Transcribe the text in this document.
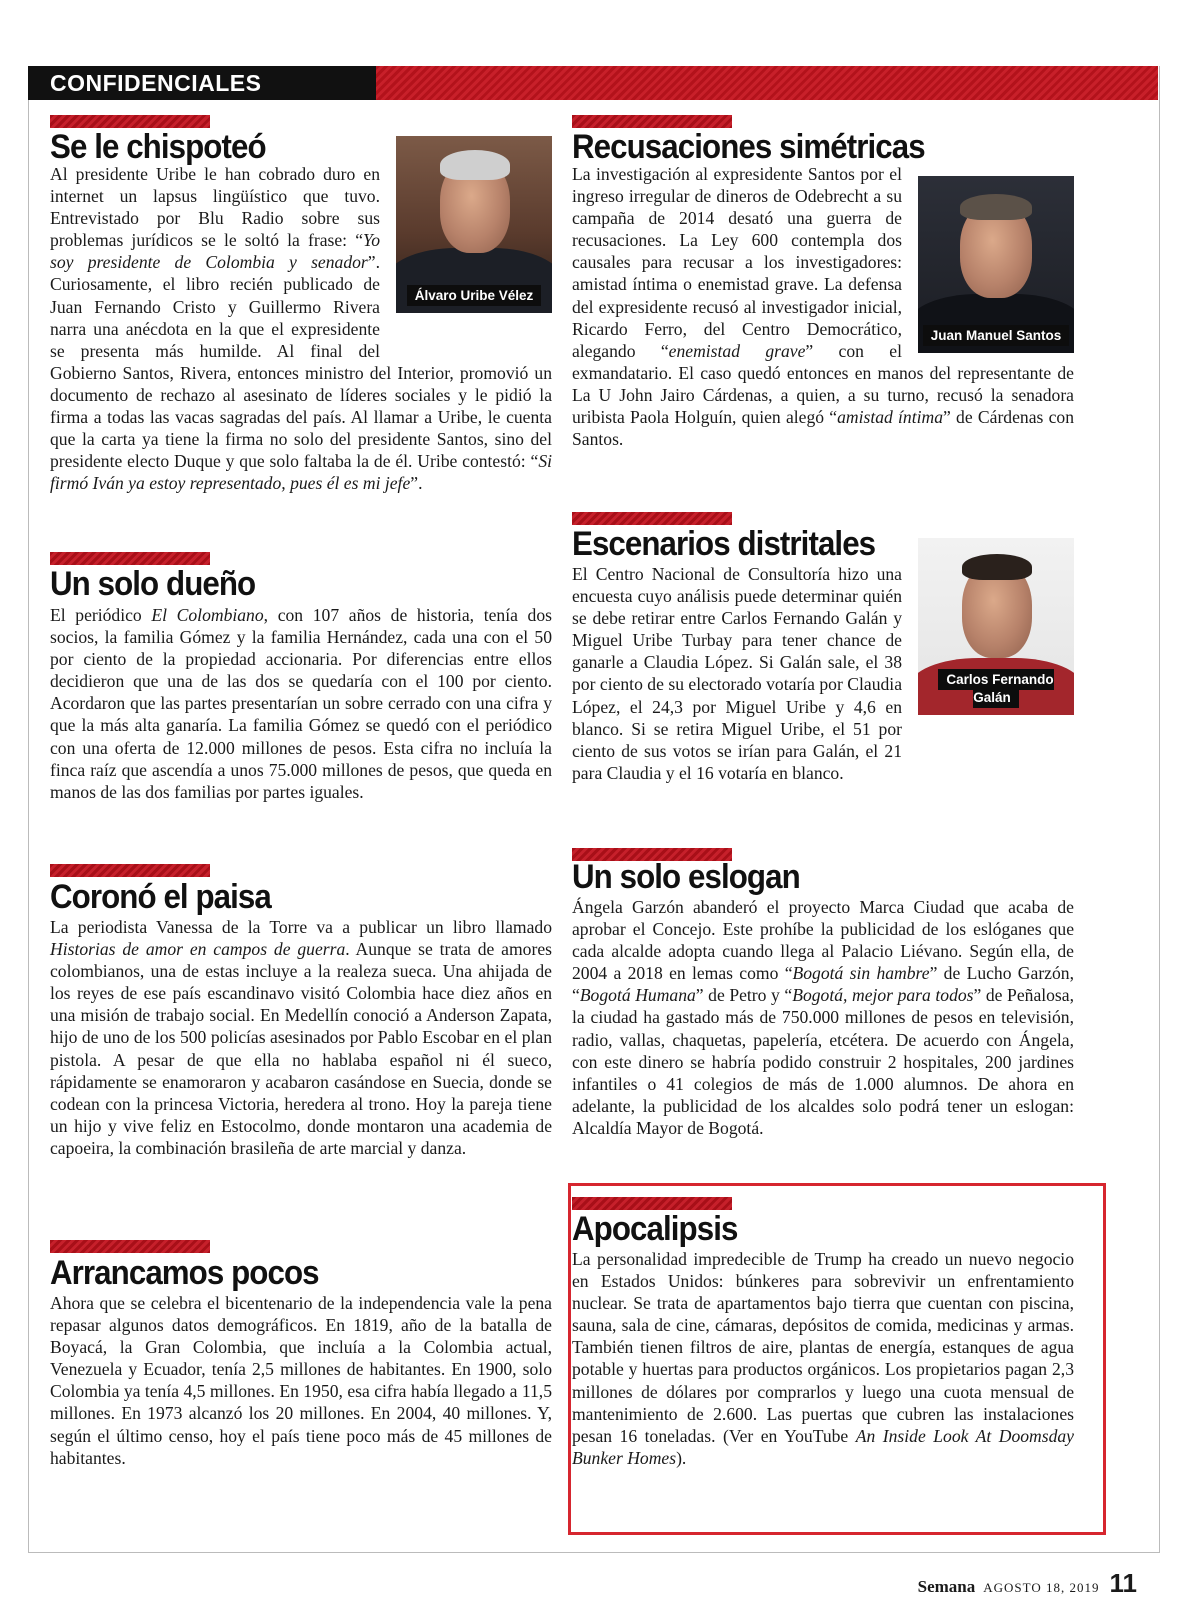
CONFIDENCIALES
Se le chispoteó
Álvaro Uribe Vélez

Al presidente Uribe le han cobrado duro en internet un lapsus lingüístico que tuvo. Entrevistado por Blu Radio sobre sus problemas jurídicos se le soltó la frase: “Yo soy presidente de Colombia y senador”. Curiosamente, el libro recién publicado de Juan Fernando Cristo y Guillermo Rivera narra una anécdota en la que el expresidente se presenta más humilde. Al final del Gobierno Santos, Rivera, entonces ministro del Interior, promovió un documento de rechazo al asesinato de líderes sociales y le pidió la firma a todas las vacas sagradas del país. Al llamar a Uribe, le cuenta que la carta ya tiene la firma no solo del presidente Santos, sino del presidente electo Duque y que solo faltaba la de él. Uribe contestó: “Si firmó Iván ya estoy representado, pues él es mi jefe”.
Un solo dueño
El periódico El Colombiano, con 107 años de historia, tenía dos socios, la familia Gómez y la familia Hernández, cada una con el 50 por ciento de la propiedad accionaria. Por diferencias entre ellos decidieron que una de las dos se quedaría con el 100 por ciento. Acordaron que las partes presentarían un sobre cerrado con una cifra y que la más alta ganaría. La familia Gómez se quedó con el periódico con una oferta de 12.000 millones de pesos. Esta cifra no incluía la finca raíz que ascendía a unos 75.000 millones de pesos, que queda en manos de las dos familias por partes iguales.
Coronó el paisa
La periodista Vanessa de la Torre va a publicar un libro llamado Historias de amor en campos de guerra. Aunque se trata de amores colombianos, una de estas incluye a la realeza sueca. Una ahijada de los reyes de ese país escandinavo visitó Colombia hace diez años en una misión de trabajo social. En Medellín conoció a Anderson Zapata, hijo de uno de los 500 policías asesinados por Pablo Escobar en el plan pistola. A pesar de que ella no hablaba español ni él sueco, rápidamente se enamoraron y acabaron casándose en Suecia, donde se codean con la princesa Victoria, heredera al trono. Hoy la pareja tiene un hijo y vive feliz en Estocolmo, donde montaron una academia de capoeira, la combinación brasileña de arte marcial y danza.
Arrancamos pocos
Ahora que se celebra el bicentenario de la independencia vale la pena repasar algunos datos demográficos. En 1819, año de la batalla de Boyacá, la Gran Colombia, que incluía a la Colombia actual, Venezuela y Ecuador, tenía 2,5 millones de habitantes. En 1900, solo Colombia ya tenía 4,5 millones. En 1950, esa cifra había llegado a 11,5 millones. En 1973 alcanzó los 20 millones. En 2004, 40 millones. Y, según el último censo, hoy el país tiene poco más de 45 millones de habitantes.
Recusaciones simétricas
Juan Manuel Santos
La investigación al expresidente Santos por el ingreso irregular de dineros de Odebrecht a su campaña de 2014 desató una guerra de recusaciones. La Ley 600 contempla dos causales para recusar a los investigadores: amistad íntima o enemistad grave. La defensa del expresidente recusó al investigador inicial, Ricardo Ferro, del Centro Democrático, alegando “enemistad grave” con el exmandatario. El caso quedó entonces en manos del representante de La U John Jairo Cárdenas, a quien, a su turno, recusó la senadora uribista Paola Holguín, quien alegó “amistad íntima” de Cárdenas con Santos.
Escenarios distritales
Carlos Fernando Galán
El Centro Nacional de Consultoría hizo una encuesta cuyo análisis puede determinar quién se debe retirar entre Carlos Fernando Galán y Miguel Uribe Turbay para tener chance de ganarle a Claudia López. Si Galán sale, el 38 por ciento de su electorado votaría por Claudia López, el 24,3 por Miguel Uribe y 4,6 en blanco. Si se retira Miguel Uribe, el 51 por ciento de sus votos se irían para Galán, el 21 para Claudia y el 16 votaría en blanco.
Un solo eslogan
Ángela Garzón abanderó el proyecto Marca Ciudad que acaba de aprobar el Concejo. Este prohíbe la publicidad de los eslóganes que cada alcalde adopta cuando llega al Palacio Liévano. Según ella, de 2004 a 2018 en lemas como “Bogotá sin hambre” de Lucho Garzón, “Bogotá Humana” de Petro y “Bogotá, mejor para todos” de Peñalosa, la ciudad ha gastado más de 750.000 millones de pesos en televisión, radio, vallas, chaquetas, papelería, etcétera. De acuerdo con Ángela, con este dinero se habría podido construir 2 hospitales, 200 jardines infantiles o 41 colegios de más de 1.000 alumnos. De ahora en adelante, la publicidad de los alcaldes solo podrá tener un eslogan: Alcaldía Mayor de Bogotá.
Apocalipsis
La personalidad impredecible de Trump ha creado un nuevo negocio en Estados Unidos: búnkeres para sobrevivir un enfrentamiento nuclear. Se trata de apartamentos bajo tierra que cuentan con piscina, sauna, sala de cine, cámaras, depósitos de comida, medicinas y armas. También tienen filtros de aire, plantas de energía, estanques de agua potable y huertas para productos orgánicos. Los propietarios pagan 2,3 millones de dólares por comprarlos y luego una cuota mensual de mantenimiento de 2.600. Las puertas que cubren las instalaciones pesan 16 toneladas. (Ver en YouTube An Inside Look At Doomsday Bunker Homes).
Semana AGOSTO 18, 2019 11
